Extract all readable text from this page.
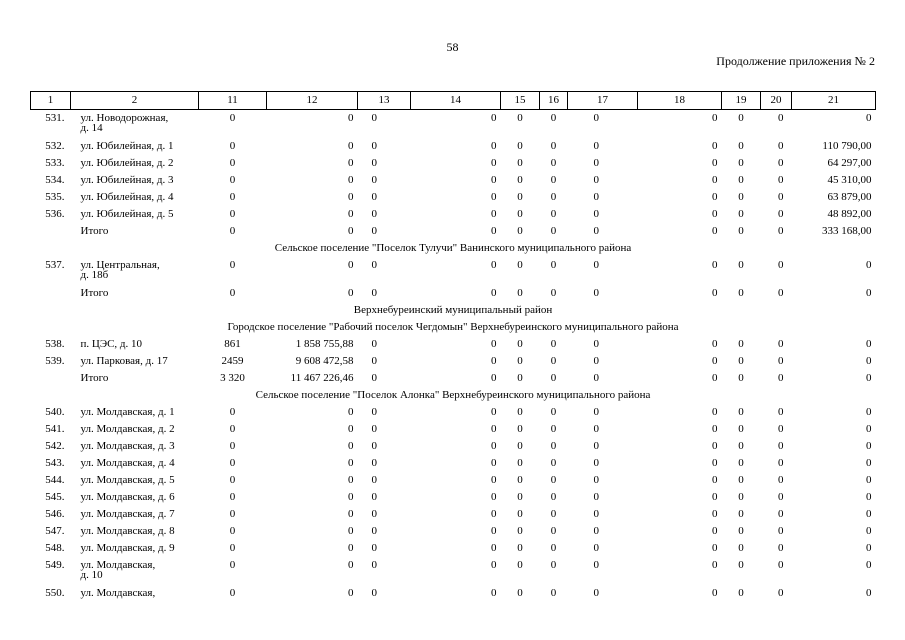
58
Продолжение приложения № 2
1	2	11	12	13	14	15	16	17	18	19	20	21

531.	ул. Новодорожная,
д. 14	0	0	0	0	0	0	0	0	0	0	0

532.	ул. Юбилейная, д. 1	0	0	0	0	0	0	0	0	0	0	110 790,00

533.	ул. Юбилейная, д. 2	0	0	0	0	0	0	0	0	0	0	64 297,00

534.	ул. Юбилейная, д. 3	0	0	0	0	0	0	0	0	0	0	45 310,00

535.	ул. Юбилейная, д. 4	0	0	0	0	0	0	0	0	0	0	63 879,00

536.	ул. Юбилейная, д. 5	0	0	0	0	0	0	0	0	0	0	48 892,00

	Итого	0	0	0	0	0	0	0	0	0	0	333 168,00

Сельское поселение "Поселок Тулучи" Ванинского муниципального района												

537.	ул. Центральная,
д. 18б	0	0	0	0	0	0	0	0	0	0	0

	Итого	0	0	0	0	0	0	0	0	0	0	0

Верхнебуреинский муниципальный район												

Городское поселение "Рабочий поселок Чегдомын" Верхнебуреинского муниципального района												

538.	п. ЦЭС, д. 10	861	1 858 755,88	0	0	0	0	0	0	0	0	0

539.	ул. Парковая, д. 17	2459	9 608 472,58	0	0	0	0	0	0	0	0	0

	Итого	3 320	11 467 226,46	0	0	0	0	0	0	0	0	0

Сельское поселение "Поселок Алонка" Верхнебуреинского муниципального района												

540.	ул. Молдавская, д. 1	0	0	0	0	0	0	0	0	0	0	0

541.	ул. Молдавская, д. 2	0	0	0	0	0	0	0	0	0	0	0

542.	ул. Молдавская, д. 3	0	0	0	0	0	0	0	0	0	0	0

543.	ул. Молдавская, д. 4	0	0	0	0	0	0	0	0	0	0	0

544.	ул. Молдавская, д. 5	0	0	0	0	0	0	0	0	0	0	0

545.	ул. Молдавская, д. 6	0	0	0	0	0	0	0	0	0	0	0

546.	ул. Молдавская, д. 7	0	0	0	0	0	0	0	0	0	0	0

547.	ул. Молдавская, д. 8	0	0	0	0	0	0	0	0	0	0	0

548.	ул. Молдавская, д. 9	0	0	0	0	0	0	0	0	0	0	0

549.	ул. Молдавская,
д. 10	0	0	0	0	0	0	0	0	0	0	0

550.	ул. Молдавская,	0	0	0	0	0	0	0	0	0	0	0
